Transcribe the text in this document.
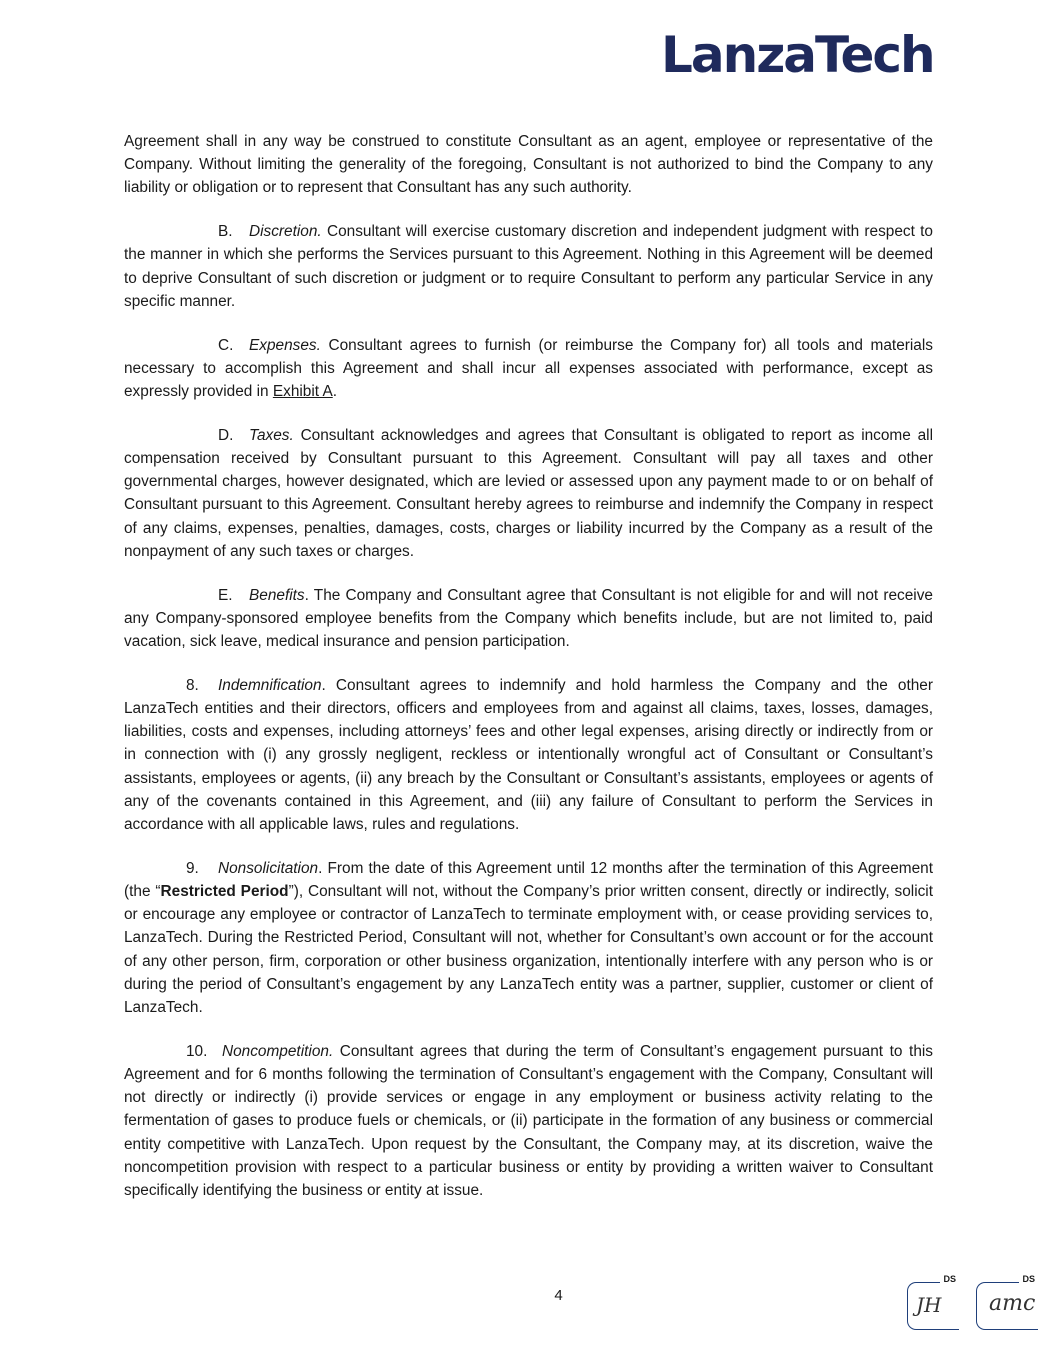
LanzaTech

Agreement shall in any way be construed to constitute Consultant as an agent, employee or representative of the Company. Without limiting the generality of the foregoing, Consultant is not authorized to bind the Company to any liability or obligation or to represent that Consultant has any such authority.

B. Discretion. Consultant will exercise customary discretion and independent judgment with respect to the manner in which she performs the Services pursuant to this Agreement. Nothing in this Agreement will be deemed to deprive Consultant of such discretion or judgment or to require Consultant to perform any particular Service in any specific manner.

C. Expenses. Consultant agrees to furnish (or reimburse the Company for) all tools and materials necessary to accomplish this Agreement and shall incur all expenses associated with performance, except as expressly provided in Exhibit A.

D. Taxes. Consultant acknowledges and agrees that Consultant is obligated to report as income all compensation received by Consultant pursuant to this Agreement. Consultant will pay all taxes and other governmental charges, however designated, which are levied or assessed upon any payment made to or on behalf of Consultant pursuant to this Agreement. Consultant hereby agrees to reimburse and indemnify the Company in respect of any claims, expenses, penalties, damages, costs, charges or liability incurred by the Company as a result of the nonpayment of any such taxes or charges.

E. Benefits. The Company and Consultant agree that Consultant is not eligible for and will not receive any Company-sponsored employee benefits from the Company which benefits include, but are not limited to, paid vacation, sick leave, medical insurance and pension participation.

8. Indemnification. Consultant agrees to indemnify and hold harmless the Company and the other LanzaTech entities and their directors, officers and employees from and against all claims, taxes, losses, damages, liabilities, costs and expenses, including attorneys’ fees and other legal expenses, arising directly or indirectly from or in connection with (i) any grossly negligent, reckless or intentionally wrongful act of Consultant or Consultant’s assistants, employees or agents, (ii) any breach by the Consultant or Consultant’s assistants, employees or agents of any of the covenants contained in this Agreement, and (iii) any failure of Consultant to perform the Services in accordance with all applicable laws, rules and regulations.

9. Nonsolicitation. From the date of this Agreement until 12 months after the termination of this Agreement (the “Restricted Period”), Consultant will not, without the Company’s prior written consent, directly or indirectly, solicit or encourage any employee or contractor of LanzaTech to terminate employment with, or cease providing services to, LanzaTech. During the Restricted Period, Consultant will not, whether for Consultant’s own account or for the account of any other person, firm, corporation or other business organization, intentionally interfere with any person who is or during the period of Consultant’s engagement by any LanzaTech entity was a partner, supplier, customer or client of LanzaTech.

10. Noncompetition. Consultant agrees that during the term of Consultant’s engagement pursuant to this Agreement and for 6 months following the termination of Consultant’s engagement with the Company, Consultant will not directly or indirectly (i) provide services or engage in any employment or business activity relating to the fermentation of gases to produce fuels or chemicals, or (ii) participate in the formation of any business or commercial entity competitive with LanzaTech. Upon request by the Consultant, the Company may, at its discretion, waive the noncompetition provision with respect to a particular business or entity by providing a written waiver to Consultant specifically identifying the business or entity at issue.

4
DS
JH
DS
amc
